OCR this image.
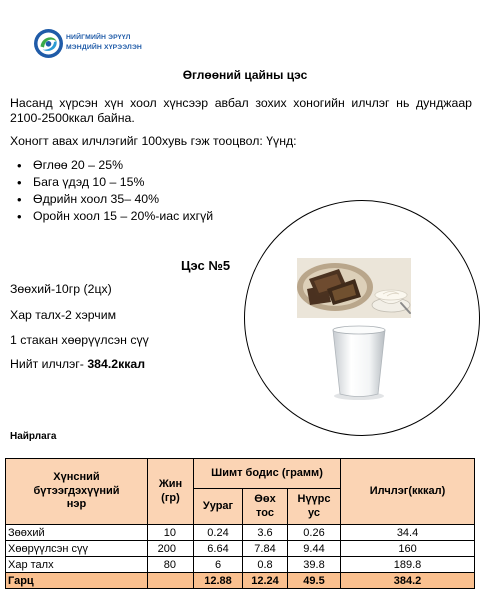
НИЙГМИЙН ЭРҮҮЛ
МЭНДИЙН ХҮРЭЭЛЭН
Өглөөний цайны цэс

Насанд хүрсэн хүн хоол хүнсээр авбал зохих хоногийн илчлэг нь дунджаар 2100-2500ккал байна.

Хоногт авах илчлэгийг 100хувь гэж тооцвол: Үүнд:
• Өглөө 20 – 25%
• Бага үдэд 10 – 15%
• Өдрийн хоол 35– 40%
• Оройн хоол 15 – 20%-иас ихгүй
Цэс №5
Зөөхий-10гр (2цх)
Хар талх-2 хэрчим
1 стакан хөөрүүлсэн сүү
Нийт илчлэг- 384.2ккал
Найрлага
Хүнсний бүтээгдэхүүний нэр	Жин (гр)	Шимт бодис (грамм)			Илчлэг(кккал)
		Уураг	Өөх тос	Нүүрс ус	
Зөөхий	10	0.24	3.6	0.26	34.4
Хөөрүүлсэн сүү	200	6.64	7.84	9.44	160
Хар талх	80	6	0.8	39.8	189.8
Гарц		12.88	12.24	49.5	384.2
